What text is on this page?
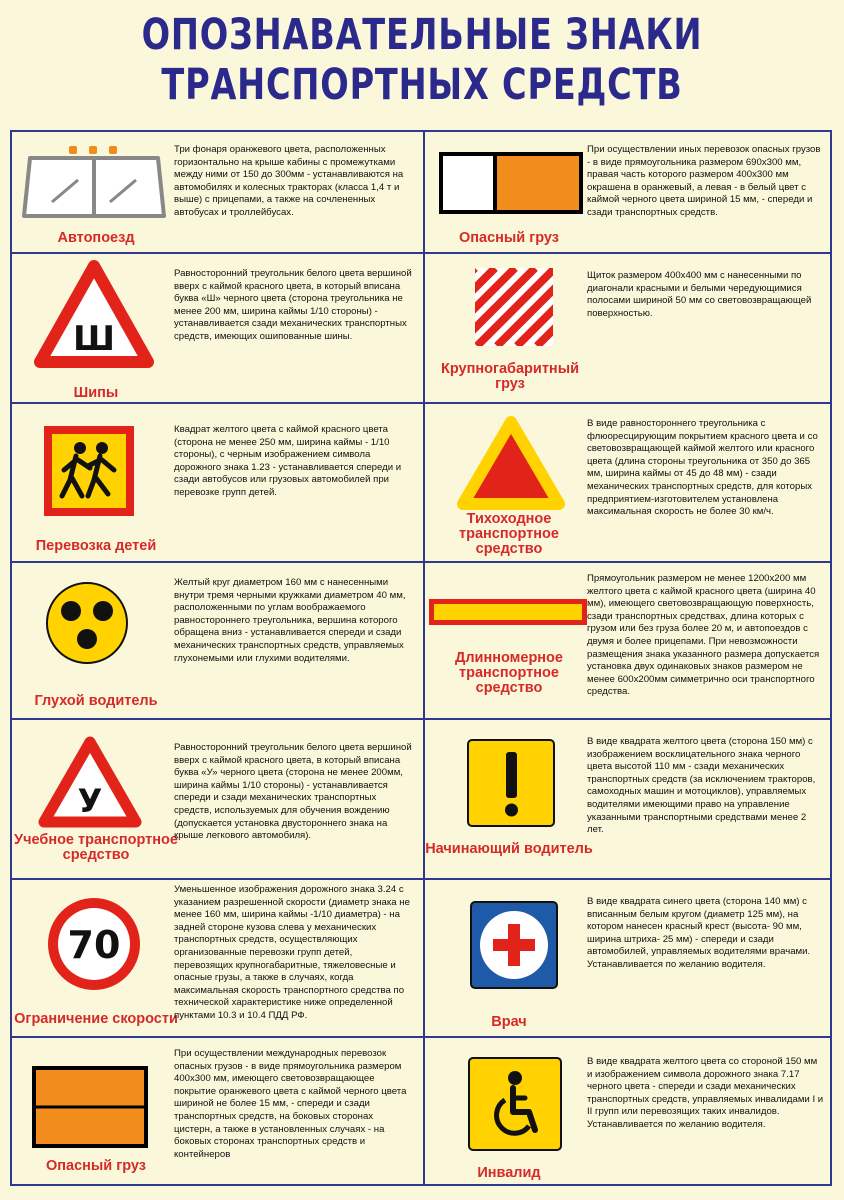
ОПОЗНАВАТЕЛЬНЫЕ ЗНАКИ
ТРАНСПОРТНЫХ СРЕДСТВ
Автопоезд
Три фонаря оранжевого цвета, расположенных горизонтально на крыше кабины с промежутками между ними от 150 до 300мм - устанавливаются на автомобилях и колесных тракторах (класса 1,4 т и выше) с прицепами, а также на сочлененных автобусах и троллейбусах.
Опасный груз
При осуществлении иных перевозок опасных грузов - в виде прямоугольника размером 690х300 мм, правая часть которого размером 400х300 мм окрашена в оранжевый, а левая - в белый цвет с каймой черного цвета шириной 15 мм, - спереди и сзади транспортных средств.
Ш
Шипы
Равносторонний треугольник белого цвета вершиной вверх с каймой красного цвета, в который вписана буква «Ш» черного цвета (сторона треугольника не менее 200 мм, ширина каймы 1/10 стороны) - устанавливается сзади механических транспортных средств, имеющих ошипованные шины.
Крупногабаритный груз
Щиток размером 400х400 мм с нанесенными по диагонали красными и белыми чередующимися полосами шириной 50 мм со световозвращающей поверхностью.
Перевозка детей
Квадрат желтого цвета с каймой красного цвета (сторона не менее 250 мм, ширина каймы - 1/10 стороны), с черным изображением символа дорожного знака 1.23 - устанавливается спереди и сзади автобусов или грузовых автомобилей при перевозке групп детей.
Тихоходное транспортное средство
В виде равностороннего треугольника с флюоресцирующим покрытием красного цвета и со световозвращающей каймой желтого или красного цвета (длина стороны треугольника от 350 до 365 мм, ширина каймы от 45 до 48 мм) - сзади механических транспортных средств, для которых предприятием-изготовителем установлена максимальная скорость не более 30 км/ч.
Глухой водитель
Желтый круг диаметром 160 мм с нанесенными внутри тремя черными кружками диаметром 40 мм, расположенными по углам воображаемого равностороннего треугольника, вершина которого обращена вниз - устанавливается спереди и сзади механических транспортных средств, управляемых глухонемыми или глухими водителями.	Длинномерное транспортное средство
Прямоугольник размером не менее 1200х200 мм желтого цвета с каймой красного цвета (ширина 40 мм), имеющего световозвращающую поверхность, сзади транспортных средствах, длина которых с грузом или без груза более 20 м, и автопоездов с двумя и более прицепами. При невозможности размещения знака указанного размера допускается установка двух одинаковых знаков размером не менее 600х200мм симметрично оси транспортного средства.
У
Учебное транспортное средство
Равносторонний треугольник белого цвета вершиной вверх с каймой красного цвета, в который вписана буква «У» черного цвета (сторона не менее 200мм, ширина каймы 1/10 стороны) - устанавливается спереди и сзади механических транспортных средств, используемых для обучения вождению (допускается установка двустороннего знака на крыше легкового автомобиля).
Начинающий водитель
В виде квадрата желтого цвета (сторона 150 мм) с изображением восклицательного знака черного цвета высотой 110 мм - сзади механических транспортных средств (за исключением тракторов, самоходных машин и мотоциклов), управляемых водителями имеющими право на управление указанными транспортными средствами менее 2 лет.
70
Ограничение скорости
Уменьшенное изображения дорожного знака 3.24 с указанием разрешенной скорости (диаметр знака не менее 160 мм, ширина каймы -1/10 диаметра) - на задней стороне кузова слева у механических транспортных средств, осуществляющих организованные перевозки групп детей, перевозящих крупногабаритные, тяжеловесные и опасные грузы, а также в случаях, когда максимальная скорость транспортного средства по технической характеристике ниже определенной пунктами 10.3 и 10.4 ПДД РФ.	Врач
В виде квадрата синего цвета (сторона 140 мм) с вписанным белым кругом (диаметр 125 мм), на котором нанесен красный крест (высота- 90 мм, ширина штриха- 25 мм) - спереди и сзади автомобилей, управляемых водителями врачами. Устанавливается по желанию водителя.
Опасный груз
При осуществлении международных перевозок опасных грузов - в виде прямоугольника размером 400х300 мм, имеющего световозвращающее покрытие оранжевого цвета с каймой черного цвета шириной не более 15 мм, - спереди и сзади транспортных средств, на боковых сторонах цистерн, а также в установленных случаях - на боковых сторонах транспортных средств и контейнеров
Инвалид
В виде квадрата желтого цвета со стороной 150 мм и изображением символа дорожного знака 7.17 черного цвета - спереди и сзади механических транспортных средств, управляемых инвалидами I и II групп или перевозящих таких инвалидов. Устанавливается по желанию водителя.
